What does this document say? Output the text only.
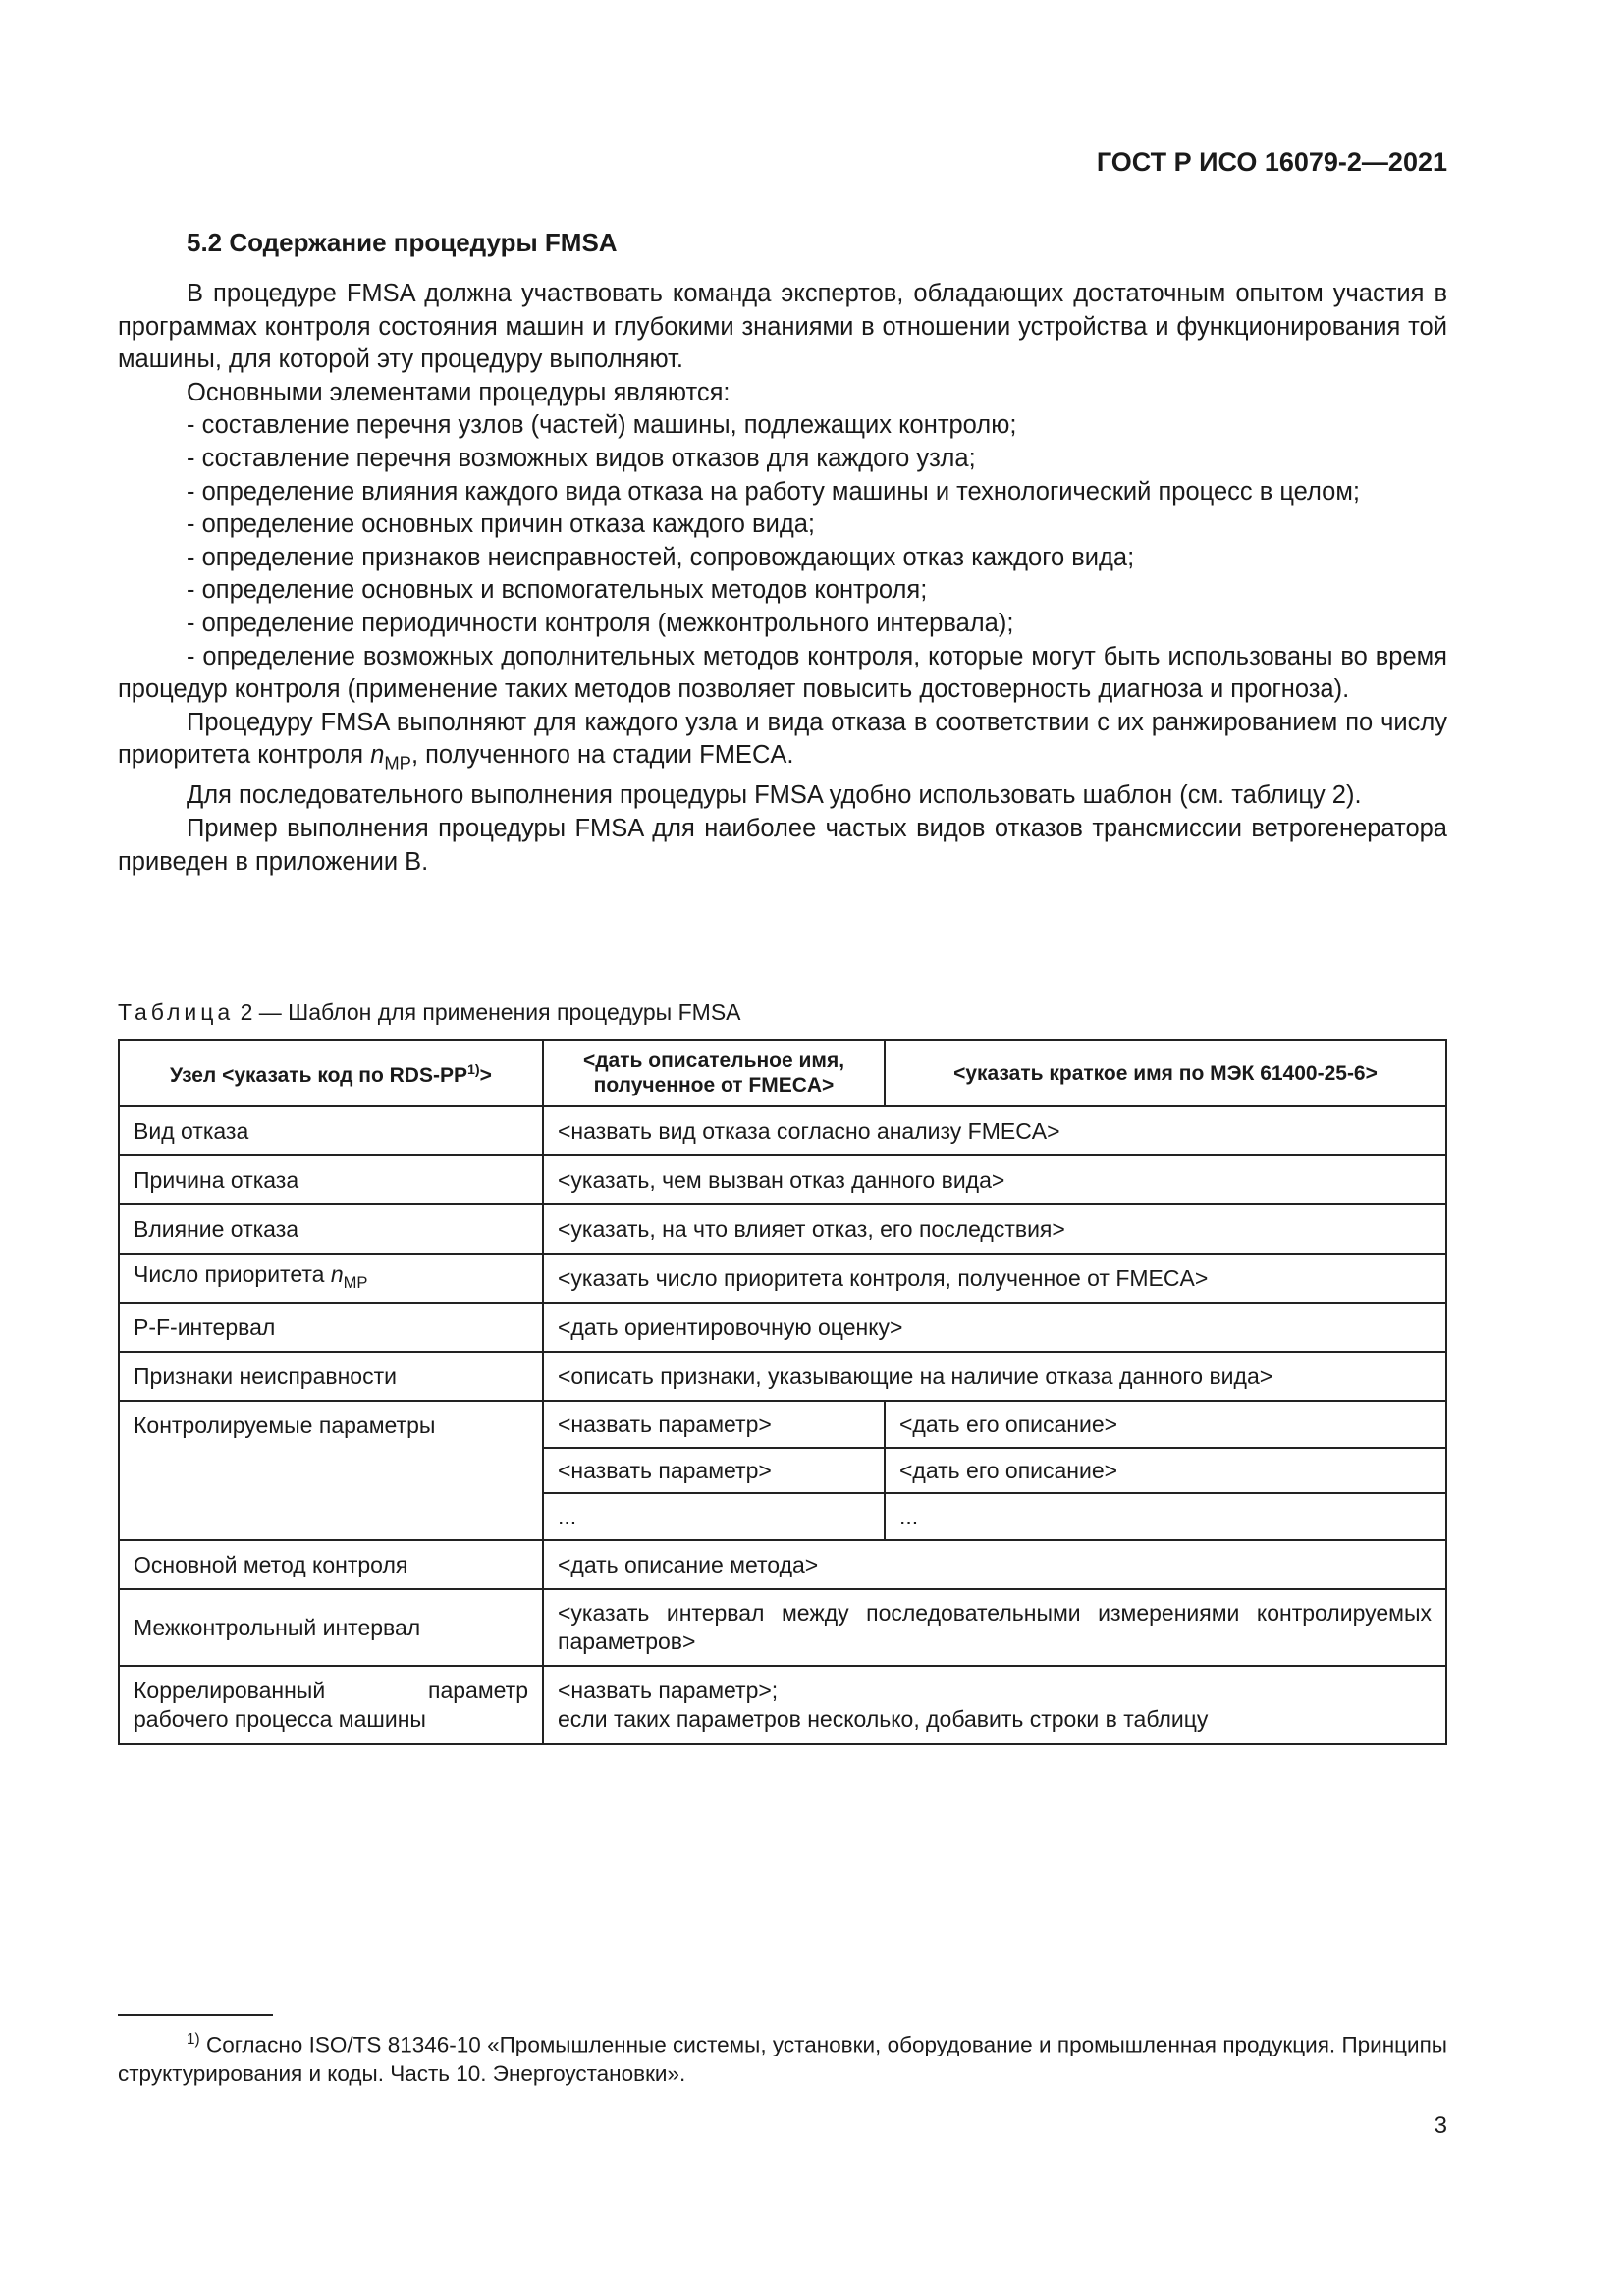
ГОСТ Р ИСО 16079-2—2021

5.2 Содержание процедуры FMSA

В процедуре FMSA должна участвовать команда экспертов, обладающих достаточным опытом участия в программах контроля состояния машин и глубокими знаниями в отношении устройства и функционирования той машины, для которой эту процедуру выполняют.

Основными элементами процедуры являются:

- составление перечня узлов (частей) машины, подлежащих контролю;

- составление перечня возможных видов отказов для каждого узла;

- определение влияния каждого вида отказа на работу машины и технологический процесс в целом;

- определение основных причин отказа каждого вида;

- определение признаков неисправностей, сопровождающих отказ каждого вида;

- определение основных и вспомогательных методов контроля;

- определение периодичности контроля (межконтрольного интервала);

- определение возможных дополнительных методов контроля, которые могут быть использованы во время процедур контроля (применение таких методов позволяет повысить достоверность диагноза и прогноза).

Процедуру FMSA выполняют для каждого узла и вида отказа в соответствии с их ранжированием по числу приоритета контроля $n_{MP}$, полученного на стадии FMECA.

Для последовательного выполнения процедуры FMSA удобно использовать шаблон (см. таблицу 2).

Пример выполнения процедуры FMSA для наиболее частых видов отказов трансмиссии ветрогенератора приведен в приложении В.

Таблица 2 — Шаблон для применения процедуры FMSA

Узел <указать код по RDS-PP$^{1)}$>	<дать описательное имя, полученное от FMECA>	<указать краткое имя по МЭК 61400-25-6>
Вид отказа	<назвать вид отказа согласно анализу FMECA>	
Причина отказа	<указать, чем вызван отказ данного вида>	
Влияние отказа	<указать, на что влияет отказ, его последствия>	
Число приоритета $n_{MP}$	<указать число приоритета контроля, полученное от FMECA>	
P-F-интервал	<дать ориентировочную оценку>	
Признаки неисправности	<описать признаки, указывающие на наличие отказа данного вида>	
Контролируемые параметры	<назвать параметр>	<дать его описание>
	<назвать параметр>	<дать его описание>
	...	...
Основной метод контроля	<дать описание метода>	
Межконтрольный интервал	<указать интервал между последовательными измерениями контролируемых параметров>	
Коррелированный параметр рабочего процесса машины	<назвать параметр>;
если таких параметров несколько, добавить строки в таблицу	

$^{1)}$ Согласно ISO/TS 81346-10 «Промышленные системы, установки, оборудование и промышленная продукция. Принципы структурирования и коды. Часть 10. Энергоустановки».

3
